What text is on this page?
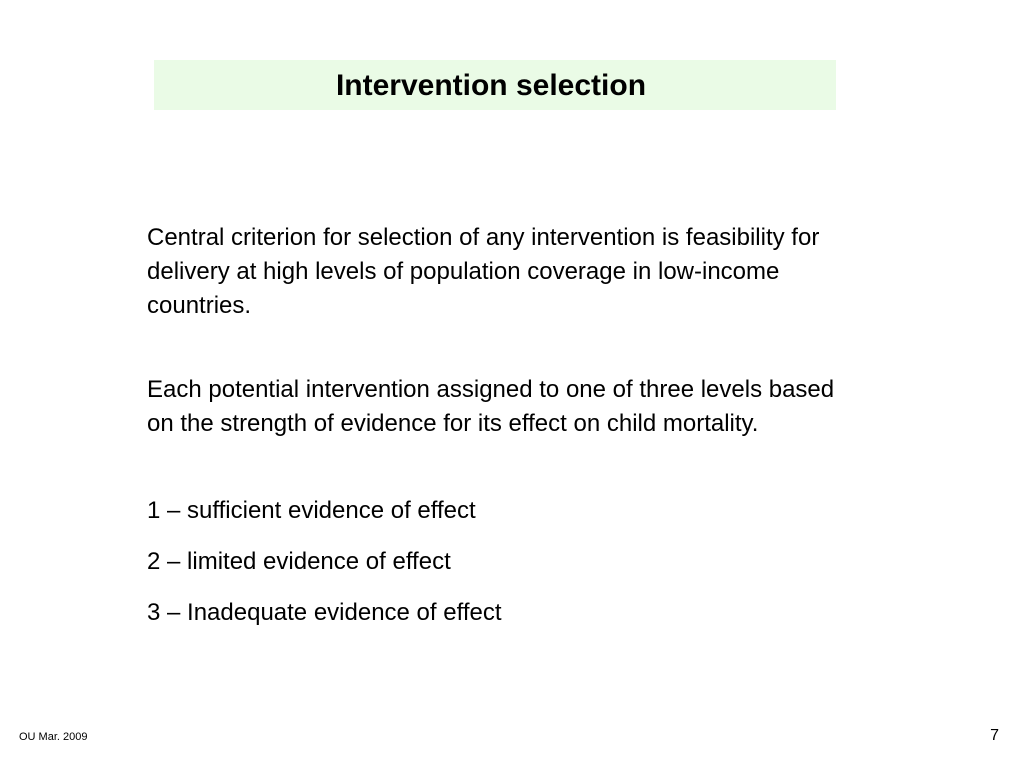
Intervention selection

Central criterion for selection of any intervention is feasibility for delivery at high levels of population coverage in low-income countries.

Each potential intervention assigned to one of three levels based on the strength of evidence for its effect on child mortality.

1 – sufficient evidence of effect

2 – limited evidence of effect

3 – Inadequate evidence of effect

OU Mar. 2009	7
